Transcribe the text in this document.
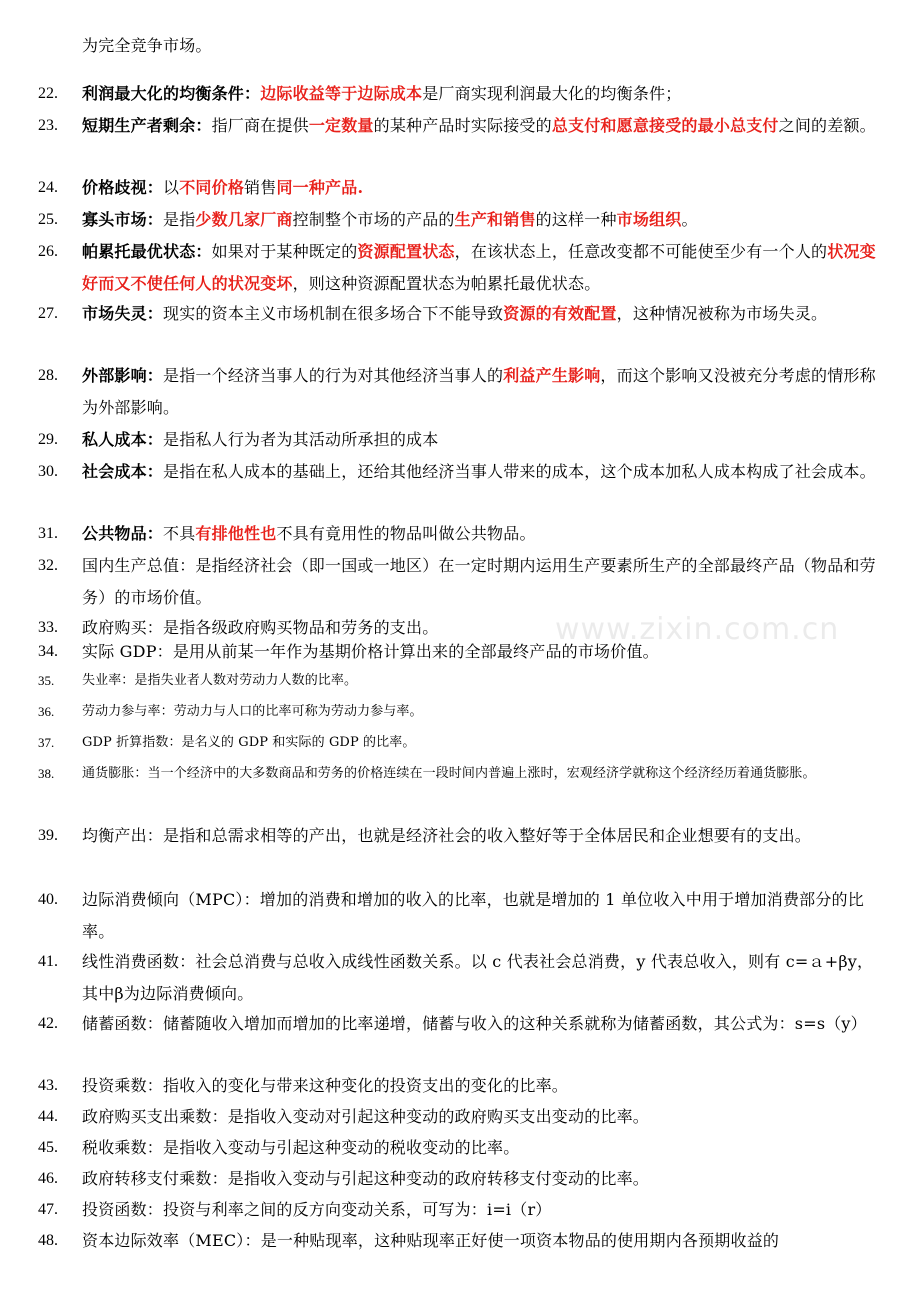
www.zixin.com.cn
为完全竞争市场。
22.	利润最大化的均衡条件：边际收益等于边际成本是厂商实现利润最大化的均衡条件；
23.	短期生产者剩余：指厂商在提供一定数量的某种产品时实际接受的总支付和愿意接受的最小总支付之间的差额。
24.	价格歧视：以不同价格销售同一种产品.
25.	寡头市场：是指少数几家厂商控制整个市场的产品的生产和销售的这样一种市场组织。
26.	帕累托最优状态：如果对于某种既定的资源配置状态，在该状态上，任意改变都不可能使至少有一个人的状况变好而又不使任何人的状况变坏，则这种资源配置状态为帕累托最优状态。
27.	市场失灵：现实的资本主义市场机制在很多场合下不能导致资源的有效配置，这种情况被称为市场失灵。
28.	外部影响：是指一个经济当事人的行为对其他经济当事人的利益产生影响，而这个影响又没被充分考虑的情形称为外部影响。
29.	私人成本：是指私人行为者为其活动所承担的成本
30.	社会成本：是指在私人成本的基础上，还给其他经济当事人带来的成本，这个成本加私人成本构成了社会成本。
31.	公共物品：不具有排他性也不具有竟用性的物品叫做公共物品。
32.	国内生产总值：是指经济社会（即一国或一地区）在一定时期内运用生产要素所生产的全部最终产品（物品和劳务）的市场价值。
33.	政府购买：是指各级政府购买物品和劳务的支出。
34.	实际 GDP：是用从前某一年作为基期价格计算出来的全部最终产品的市场价值。
35.	失业率：是指失业者人数对劳动力人数的比率。
36.	劳动力参与率：劳动力与人口的比率可称为劳动力参与率。
37.	GDP 折算指数：是名义的 GDP 和实际的 GDP 的比率。
38.	通货膨胀：当一个经济中的大多数商品和劳务的价格连续在一段时间内普遍上涨时，宏观经济学就称这个经济经历着通货膨胀。
39.	均衡产出：是指和总需求相等的产出，也就是经济社会的收入整好等于全体居民和企业想要有的支出。
40.	边际消费倾向（MPC）：增加的消费和增加的收入的比率，也就是增加的 1 单位收入中用于增加消费部分的比率。
41.	线性消费函数：社会总消费与总收入成线性函数关系。以 c 代表社会总消费，y 代表总收入，则有 c=ａ+βy，其中β为边际消费倾向。
42.	储蓄函数：储蓄随收入增加而增加的比率递增，储蓄与收入的这种关系就称为储蓄函数，其公式为：s=s（y）
43.	投资乘数：指收入的变化与带来这种变化的投资支出的变化的比率。
44.	政府购买支出乘数：是指收入变动对引起这种变动的政府购买支出变动的比率。
45.	税收乘数：是指收入变动与引起这种变动的税收变动的比率。
46.	政府转移支付乘数：是指收入变动与引起这种变动的政府转移支付变动的比率。
47.	投资函数：投资与利率之间的反方向变动关系，可写为：i=i（r）
48.	资本边际效率（MEC）：是一种贴现率，这种贴现率正好使一项资本物品的使用期内各预期收益的
